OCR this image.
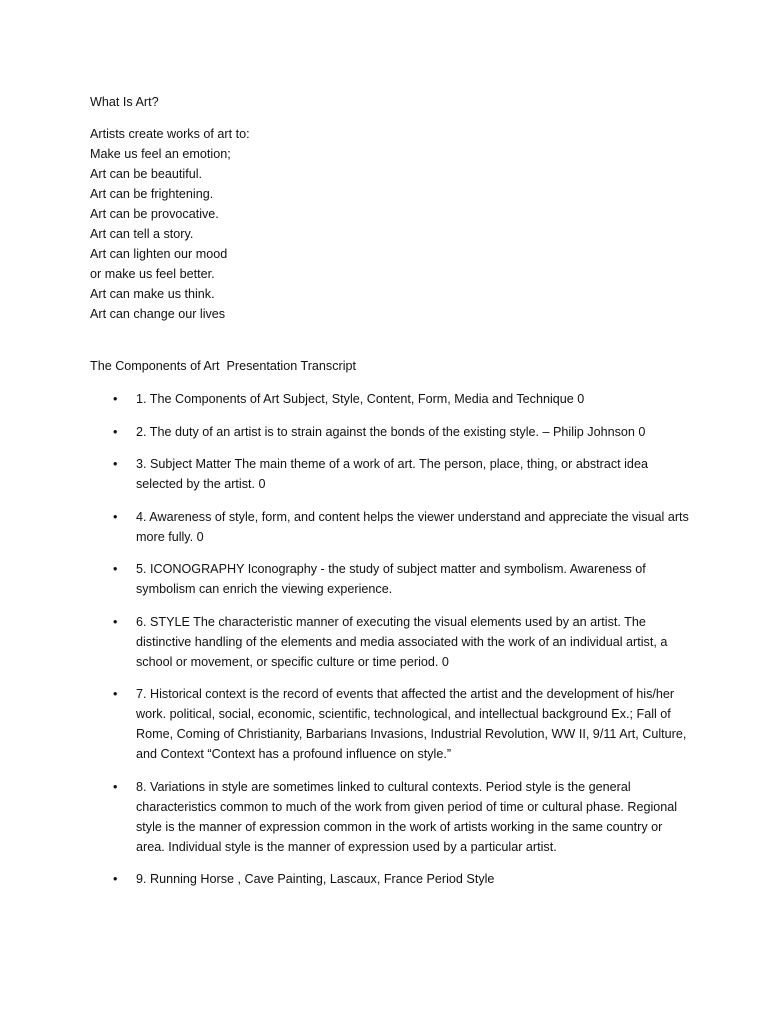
What Is Art?
Artists create works of art to:
Make us feel an emotion;
Art can be beautiful.
Art can be frightening.
Art can be provocative.
Art can tell a story.
Art can lighten our mood
or make us feel better.
Art can make us think.
Art can change our lives
The Components of Art  Presentation Transcript
• 1. The Components of Art Subject, Style, Content, Form, Media and Technique 0
• 2. The duty of an artist is to strain against the bonds of the existing style. – Philip Johnson 0
• 3. Subject Matter The main theme of a work of art. The person, place, thing, or abstract idea selected by the artist. 0
• 4. Awareness of style, form, and content helps the viewer understand and appreciate the visual arts more fully. 0
• 5. ICONOGRAPHY Iconography - the study of subject matter and symbolism. Awareness of symbolism can enrich the viewing experience.
• 6. STYLE The characteristic manner of executing the visual elements used by an artist. The distinctive handling of the elements and media associated with the work of an individual artist, a school or movement, or specific culture or time period. 0
• 7. Historical context is the record of events that affected the artist and the development of his/her work. political, social, economic, scientific, technological, and intellectual background Ex.; Fall of Rome, Coming of Christianity, Barbarians Invasions, Industrial Revolution, WW II, 9/11 Art, Culture, and Context “Context has a profound influence on style.”
• 8. Variations in style are sometimes linked to cultural contexts. Period style is the general characteristics common to much of the work from given period of time or cultural phase. Regional style is the manner of expression common in the work of artists working in the same country or area. Individual style is the manner of expression used by a particular artist.
• 9. Running Horse , Cave Painting, Lascaux, France Period Style
